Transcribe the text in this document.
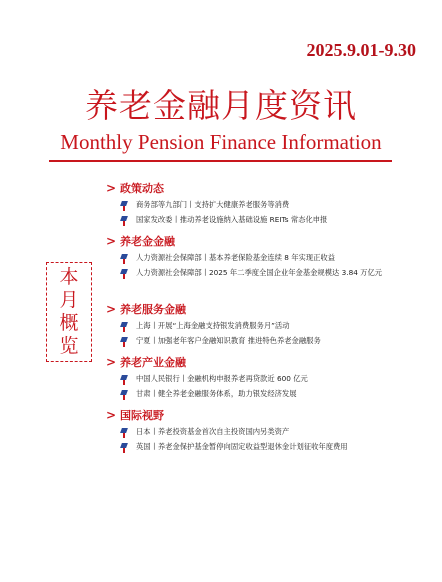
2025.9.01-9.30
养老金融月度资讯
Monthly Pension Finance Information
本
月
概
览
> 政策动态
商务部等九部门丨支持扩大健康养老服务等消费
国家发改委丨推动养老设施纳入基础设施 REITs 常态化申报
> 养老金金融
人力资源社会保障部丨基本养老保险基金连续 8 年实现正收益
人力资源社会保障部丨2025 年二季度全国企业年金基金规模达 3.84 万亿元
> 养老服务金融
上海丨开展“上海金融支持银发消费服务月”活动
宁夏丨加强老年客户金融知识教育 推进特色养老金融服务
> 养老产业金融
中国人民银行丨金融机构申报养老再贷款近 600 亿元
甘肃丨健全养老金融服务体系，助力银发经济发展
> 国际视野
日本丨养老投资基金首次自主投资国内另类资产
英国丨养老金保护基金暂停向固定收益型退休金计划征收年度费用
